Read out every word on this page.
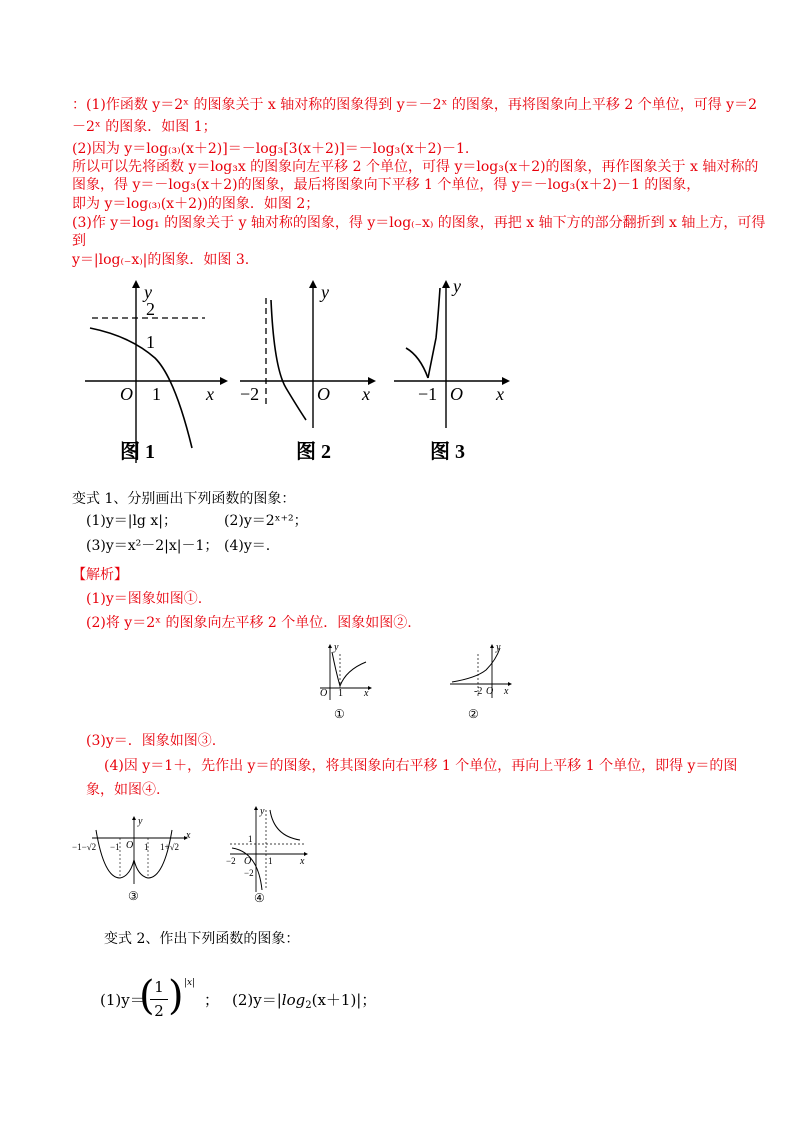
：(1)作函数 y＝2ˣ 的图象关于 x 轴对称的图象得到 y＝－2ˣ 的图象，再将图象向上平移 2 个单位，可得 y＝2
－2ˣ 的图象．如图 1；
(2)因为 y＝log₍₃₎(x＋2)]＝－log₃[3(x＋2)]＝－log₃(x＋2)－1.
所以可以先将函数 y＝log₃x 的图象向左平移 2 个单位，可得 y＝log₃(x＋2)的图象，再作图象关于 x 轴对称的
图象，得 y＝－log₃(x＋2)的图象，最后将图象向下平移 1 个单位，得 y＝－log₃(x＋2)－1 的图象，
即为 y＝log₍₃₎(x＋2))的图象．如图 2；
(3)作 y＝log₁ 的图象关于 y 轴对称的图象，得 y＝log₍₋x₎ 的图象，再把 x 轴下方的部分翻折到 x 轴上方，可得
到
y＝|log₍₋x₎|的图象．如图 3.
2
1
O 1	x
y
图 1
−2	O x
y
图 2
−1 O x
y
图 3
变式 1、分别画出下列函数的图象：
(1)y＝|lg x|；	(2)y＝2ˣ⁺²；
(3)y＝x²－2|x|－1； (4)y＝.
【解析】
(1)y＝图象如图①.
(2)将 y＝2ˣ 的图象向左平移 2 个单位．图象如图②.
O 1 x
y
①
-2 O x
y
②
(3)y＝．图象如图③.
(4)因 y＝1＋，先作出 y＝的图象，将其图象向右平移 1 个单位，再向上平移 1 个单位，即得 y＝的图
象，如图④.
−1−√2 −1 O 1 1+√2
x
y
③
1
−2 O 1
−2
x
y
④
变式 2、作出下列函数的图象：
(1)y＝
( 1
2 ) |x|
； $(2)y=|\log_2(x+1)|$；
